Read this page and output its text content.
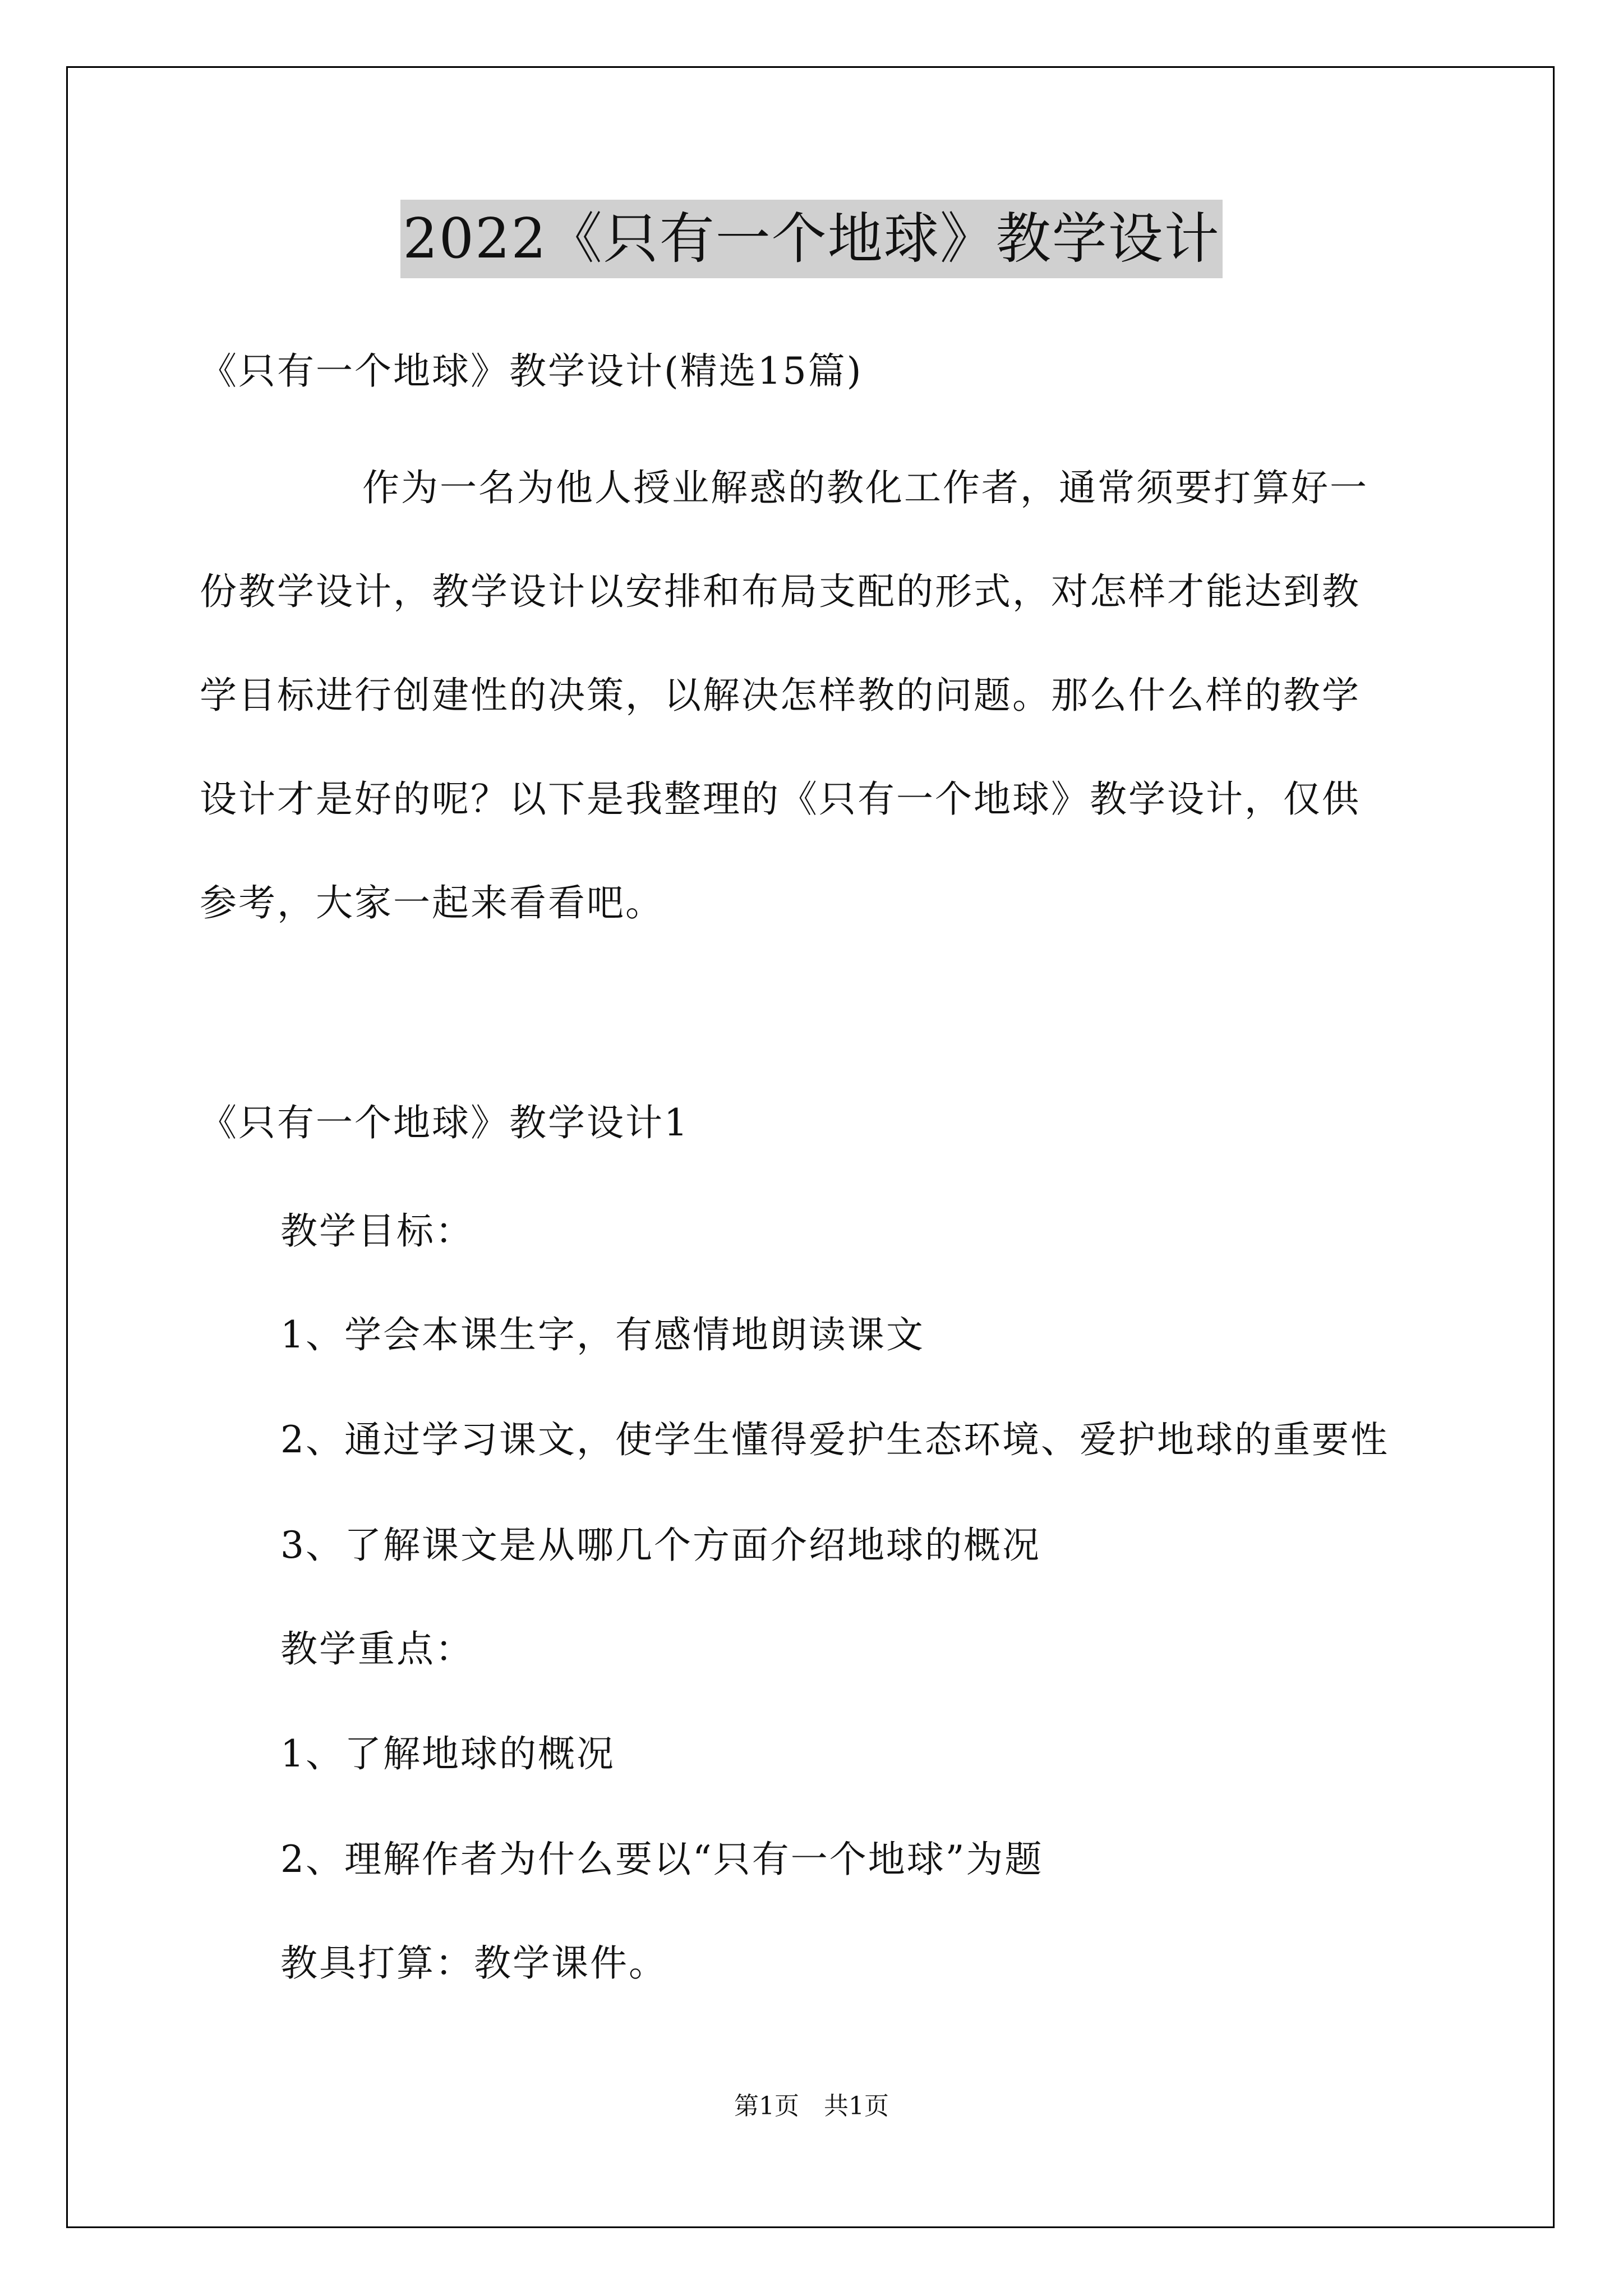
2022《只有一个地球》教学设计
《只有一个地球》教学设计(精选15篇)
作为一名为他人授业解惑的教化工作者，通常须要打算好一
份教学设计，教学设计以安排和布局支配的形式，对怎样才能达到教
学目标进行创建性的决策，以解决怎样教的问题。那么什么样的教学
设计才是好的呢？以下是我整理的《只有一个地球》教学设计，仅供
参考，大家一起来看看吧。
《只有一个地球》教学设计1
教学目标：
1、学会本课生字，有感情地朗读课文
2、通过学习课文，使学生懂得爱护生态环境、爱护地球的重要性
3、了解课文是从哪几个方面介绍地球的概况
教学重点：
1、了解地球的概况
2、理解作者为什么要以“只有一个地球”为题
教具打算：教学课件。
第1页　共1页
